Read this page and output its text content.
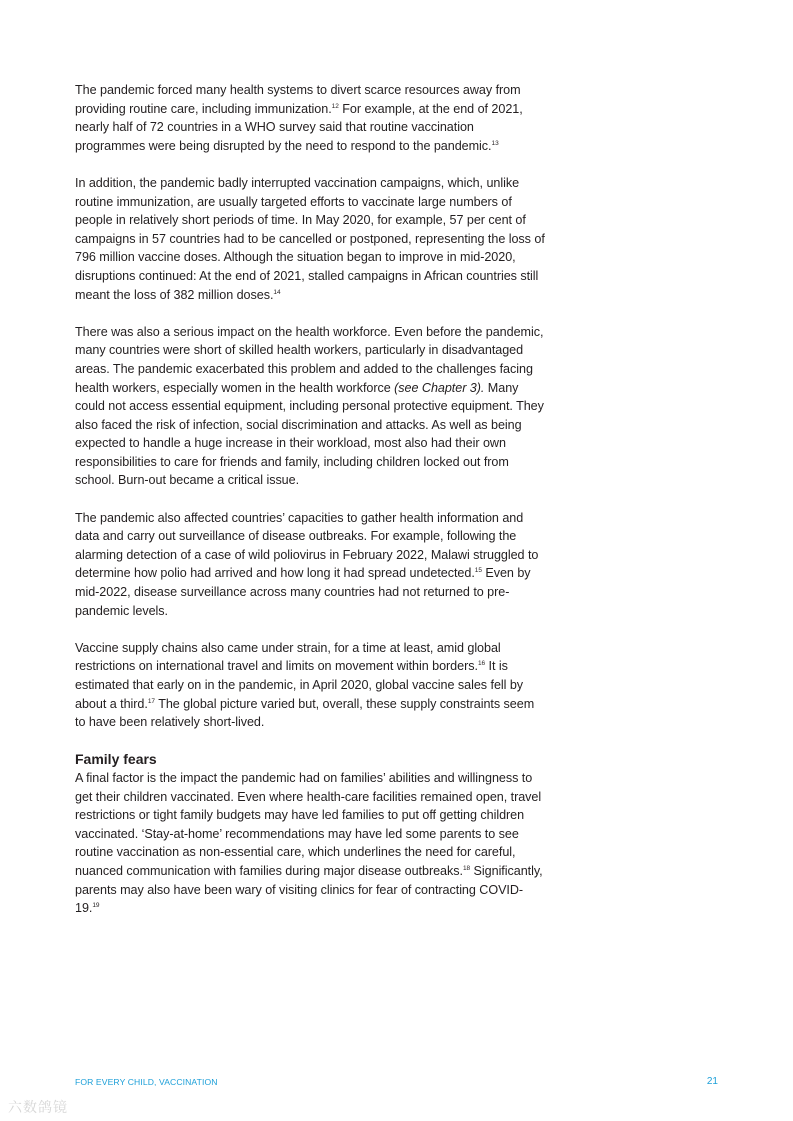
The pandemic forced many health systems to divert scarce resources away from providing routine care, including immunization.$^{12}$ For example, at the end of 2021, nearly half of 72 countries in a WHO survey said that routine vaccination programmes were being disrupted by the need to respond to the pandemic.$^{13}$

In addition, the pandemic badly interrupted vaccination campaigns, which, unlike routine immunization, are usually targeted efforts to vaccinate large numbers of people in relatively short periods of time. In May 2020, for example, 57 per cent of campaigns in 57 countries had to be cancelled or postponed, representing the loss of 796 million vaccine doses. Although the situation began to improve in mid-2020, disruptions continued: At the end of 2021, stalled campaigns in African countries still meant the loss of 382 million doses.$^{14}$

There was also a serious impact on the health workforce. Even before the pandemic, many countries were short of skilled health workers, particularly in disadvantaged areas. The pandemic exacerbated this problem and added to the challenges facing health workers, especially women in the health workforce (see Chapter 3). Many could not access essential equipment, including personal protective equipment. They also faced the risk of infection, social discrimination and attacks. As well as being expected to handle a huge increase in their workload, most also had their own responsibilities to care for friends and family, including children locked out from school. Burn-out became a critical issue.

The pandemic also affected countries’ capacities to gather health information and data and carry out surveillance of disease outbreaks. For example, following the alarming detection of a case of wild poliovirus in February 2022, Malawi struggled to determine how polio had arrived and how long it had spread undetected.$^{15}$ Even by mid-2022, disease surveillance across many countries had not returned to pre-pandemic levels.

Vaccine supply chains also came under strain, for a time at least, amid global restrictions on international travel and limits on movement within borders.$^{16}$ It is estimated that early on in the pandemic, in April 2020, global vaccine sales fell by about a third.$^{17}$ The global picture varied but, overall, these supply constraints seem to have been relatively short-lived.

Family fears

A final factor is the impact the pandemic had on families’ abilities and willingness to get their children vaccinated. Even where health-care facilities remained open, travel restrictions or tight family budgets may have led families to put off getting children vaccinated. ‘Stay-at-home’ recommendations may have led some parents to see routine vaccination as non-essential care, which underlines the need for careful, nuanced communication with families during major disease outbreaks.$^{18}$ Significantly, parents may also have been wary of visiting clinics for fear of contracting COVID-19.19

FOR EVERY CHILD, VACCINATION	21
六数鸽镜
